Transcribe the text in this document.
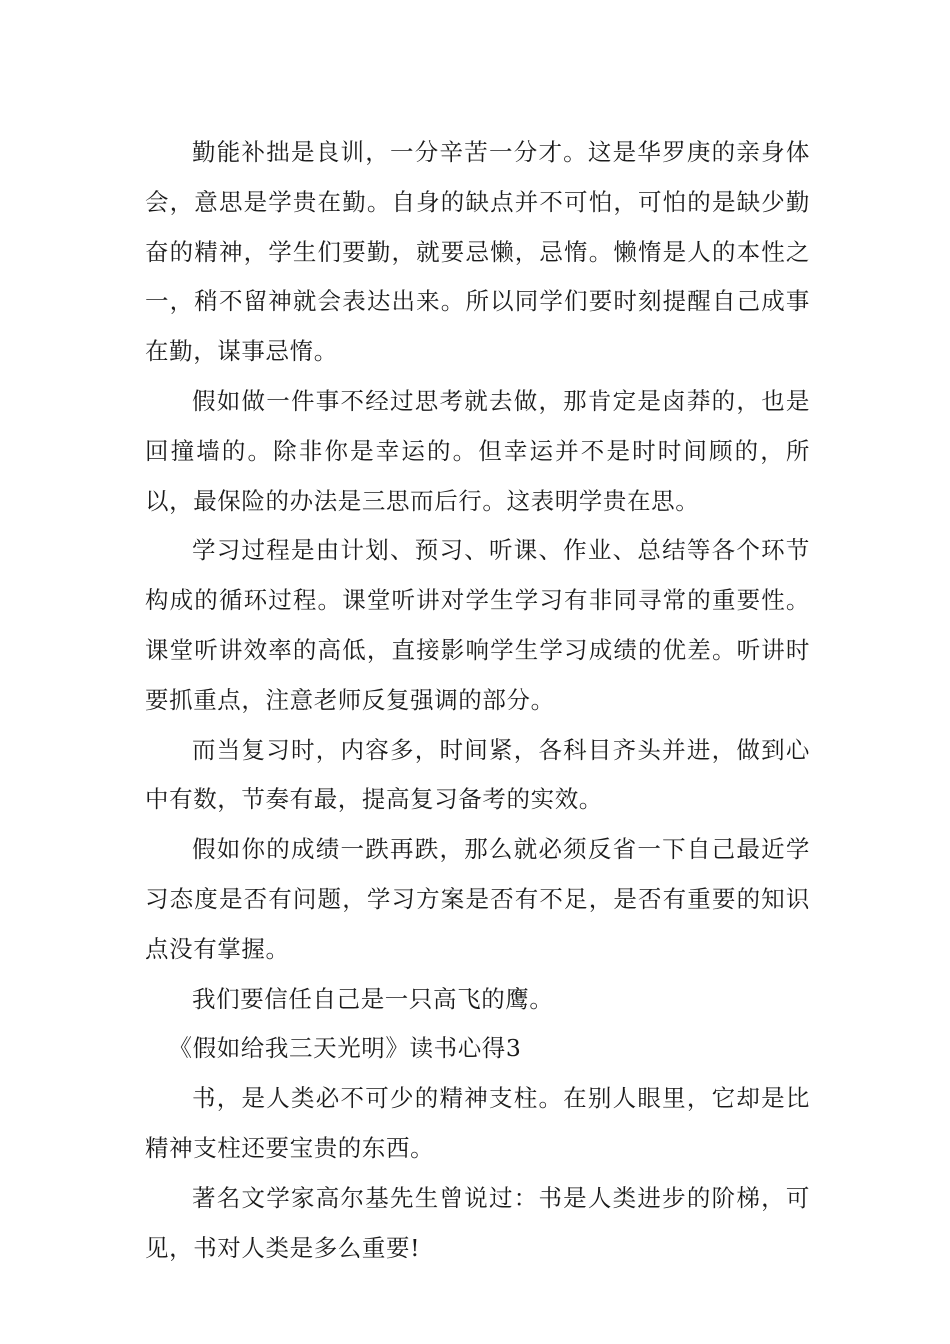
勤能补拙是良训，一分辛苦一分才。这是华罗庚的亲身体会，意思是学贵在勤。自身的缺点并不可怕，可怕的是缺少勤奋的精神，学生们要勤，就要忌懒，忌惰。懒惰是人的本性之一，稍不留神就会表达出来。所以同学们要时刻提醒自己成事在勤，谋事忌惰。

假如做一件事不经过思考就去做，那肯定是卤莽的，也是回撞墙的。除非你是幸运的。但幸运并不是时时间顾的，所以，最保险的办法是三思而后行。这表明学贵在思。

学习过程是由计划、预习、听课、作业、总结等各个环节构成的循环过程。课堂听讲对学生学习有非同寻常的重要性。课堂听讲效率的高低，直接影响学生学习成绩的优差。听讲时要抓重点，注意老师反复强调的部分。

而当复习时，内容多，时间紧，各科目齐头并进，做到心中有数，节奏有最，提高复习备考的实效。

假如你的成绩一跌再跌，那么就必须反省一下自己最近学习态度是否有问题，学习方案是否有不足，是否有重要的知识点没有掌握。

我们要信任自己是一只高飞的鹰。

《假如给我三天光明》读书心得3

书，是人类必不可少的精神支柱。在别人眼里，它却是比精神支柱还要宝贵的东西。

著名文学家高尔基先生曾说过：书是人类进步的阶梯，可见，书对人类是多么重要!
